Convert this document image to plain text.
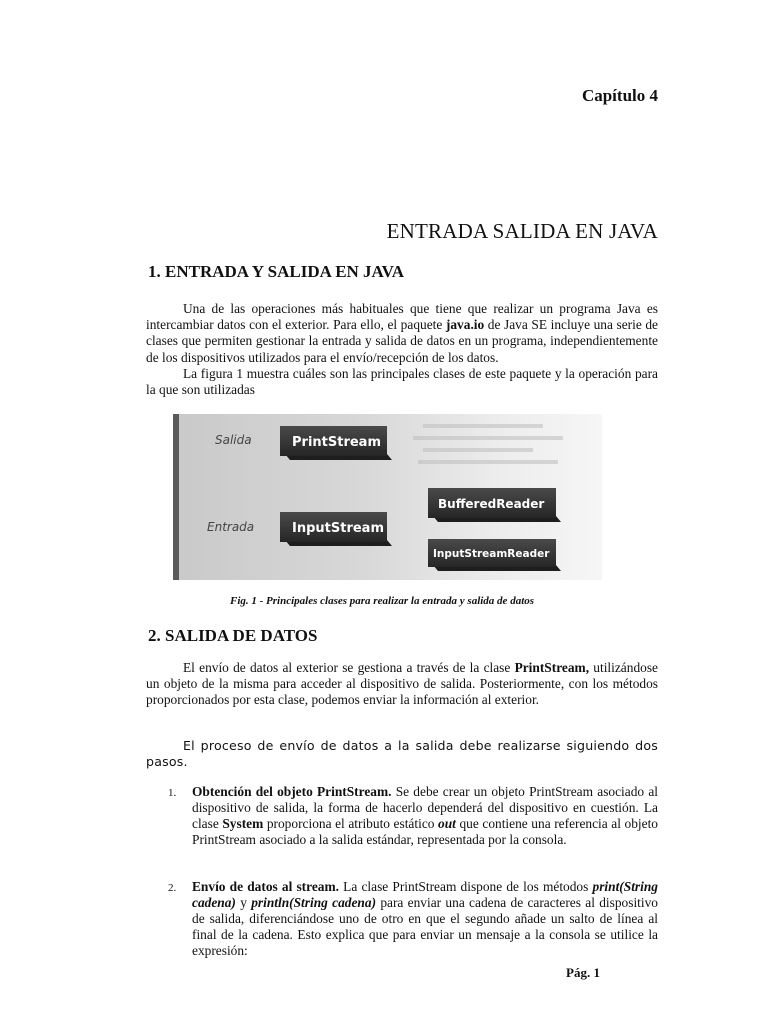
Capítulo 4
ENTRADA SALIDA EN JAVA
1. ENTRADA Y SALIDA EN JAVA

Una de las operaciones más habituales que tiene que realizar un programa Java es intercambiar datos con el exterior. Para ello, el paquete java.io de Java SE incluye una serie de clases que permiten gestionar la entrada y salida de datos en un programa, independientemente de los dispositivos utilizados para el envío/recepción de los datos.

La figura 1 muestra cuáles son las principales clases de este paquete y la operación para la que son utilizadas

Salida
Entrada
PrintStream
InputStream
BufferedReader
InputStreamReader
Fig. 1 - Principales clases para realizar la entrada y salida de datos
2. SALIDA DE DATOS

El envío de datos al exterior se gestiona a través de la clase PrintStream, utilizándose un objeto de la misma para acceder al dispositivo de salida. Posteriormente, con los métodos proporcionados por esta clase, podemos enviar la información al exterior.

El proceso de envío de datos a la salida debe realizarse siguiendo dos pasos.

1. Obtención del objeto PrintStream. Se debe crear un objeto PrintStream asociado al dispositivo de salida, la forma de hacerlo dependerá del dispositivo en cuestión. La clase System proporciona el atributo estático out que contiene una referencia al objeto PrintStream asociado a la salida estándar, representada por la consola.
2. Envío de datos al stream. La clase PrintStream dispone de los métodos print(String cadena) y println(String cadena) para enviar una cadena de caracteres al dispositivo de salida, diferenciándose uno de otro en que el segundo añade un salto de línea al final de la cadena. Esto explica que para enviar un mensaje a la consola se utilice la expresión:
Pág. 1
